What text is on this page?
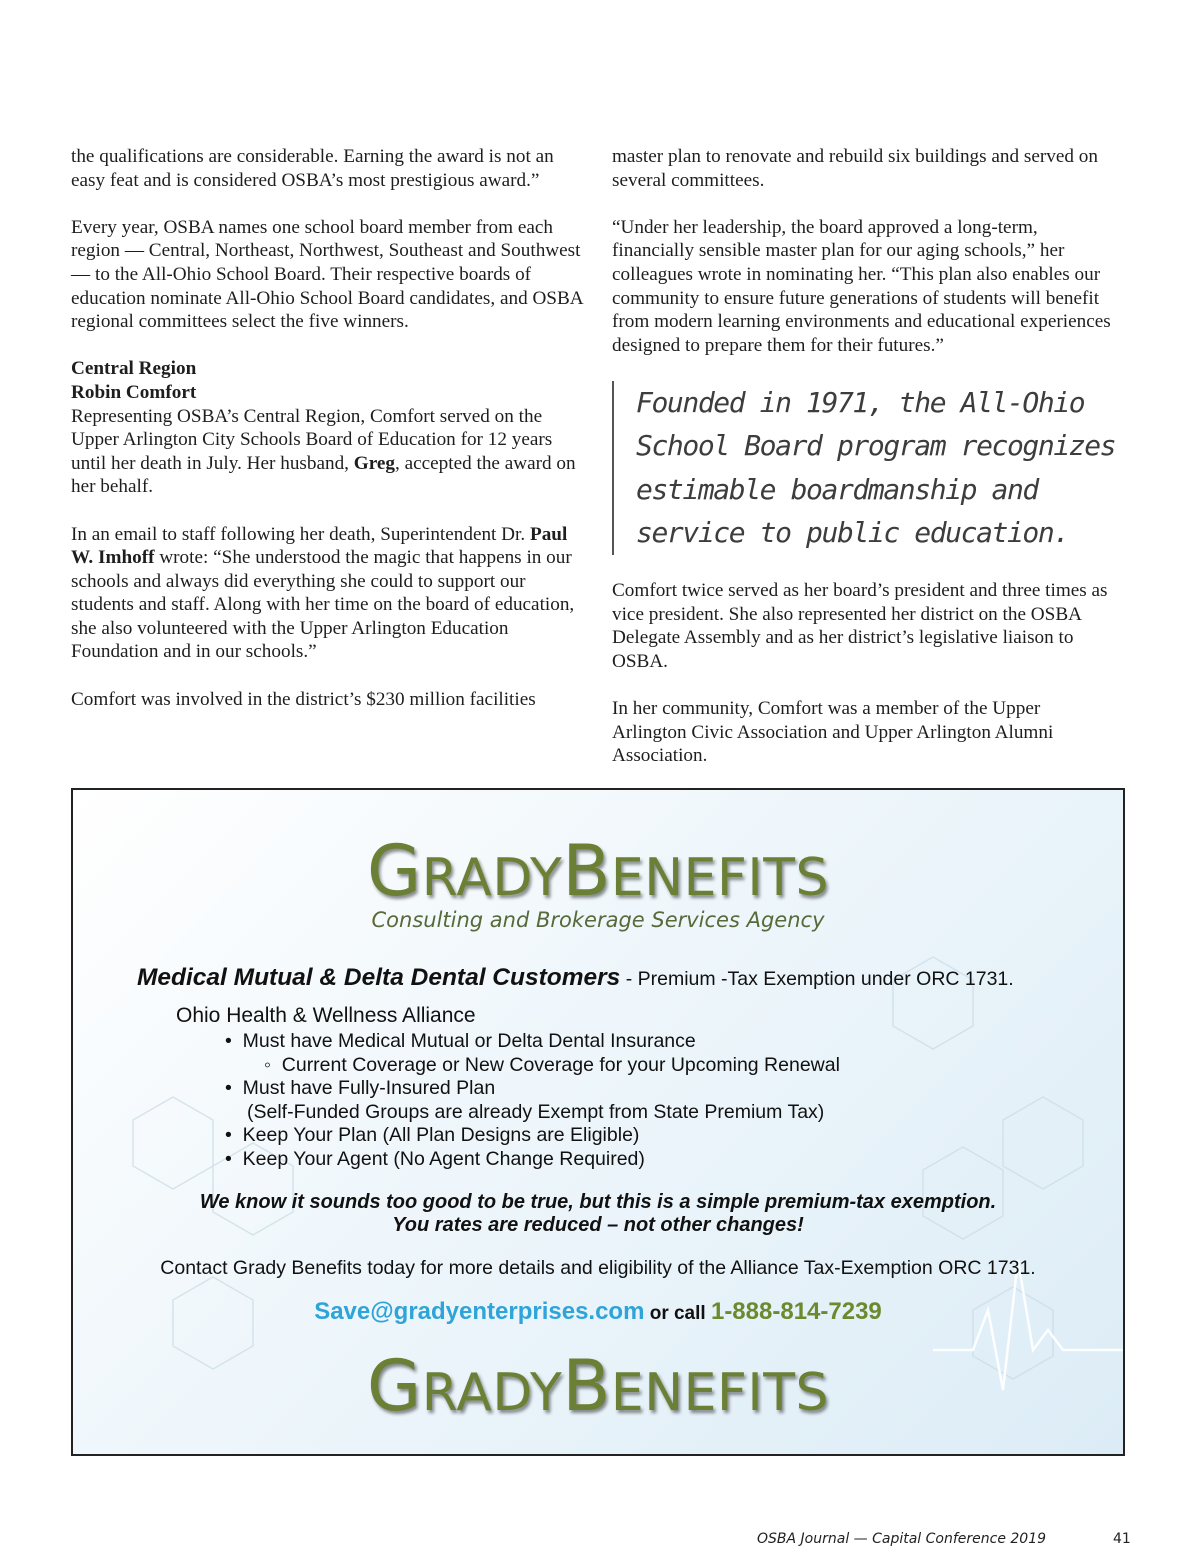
the qualifications are considerable. Earning the award is not an easy feat and is considered OSBA’s most prestigious award.”

Every year, OSBA names one school board member from each region — Central, Northeast, Northwest, Southeast and Southwest — to the All-Ohio School Board. Their respective boards of education nominate All-Ohio School Board candidates, and OSBA regional committees select the five winners.

Central Region
Robin Comfort
Representing OSBA’s Central Region, Comfort served on the Upper Arlington City Schools Board of Education for 12 years until her death in July. Her husband, Greg, accepted the award on her behalf.

In an email to staff following her death, Superintendent Dr. Paul W. Imhoff wrote: “She understood the magic that happens in our schools and always did everything she could to support our students and staff. Along with her time on the board of education, she also volunteered with the Upper Arlington Education Foundation and in our schools.”

Comfort was involved in the district’s $230 million facilities

master plan to renovate and rebuild six buildings and served on several committees.

“Under her leadership, the board approved a long-term, financially sensible master plan for our aging schools,” her colleagues wrote in nominating her. “This plan also enables our community to ensure future generations of students will benefit from modern learning environments and educational experiences designed to prepare them for their futures.”

Founded in 1971, the All-Ohio School Board program recognizes estimable boardmanship and service to public education.

Comfort twice served as her board’s president and three times as vice president. She also represented her district on the OSBA Delegate Assembly and as her district’s legislative liaison to OSBA.

In her community, Comfort was a member of the Upper Arlington Civic Association and Upper Arlington Alumni Association.

GRADYBENEFITS
Consulting and Brokerage Services Agency
Medical Mutual & Delta Dental Customers - Premium -Tax Exemption under ORC 1731.
Ohio Health & Wellness Alliance
• Must have Medical Mutual or Delta Dental Insurance
◦ Current Coverage or New Coverage for your Upcoming Renewal
• Must have Fully-Insured Plan
(Self-Funded Groups are already Exempt from State Premium Tax)
• Keep Your Plan (All Plan Designs are Eligible)
• Keep Your Agent (No Agent Change Required)
We know it sounds too good to be true, but this is a simple premium-tax exemption.
You rates are reduced – not other changes!
Contact Grady Benefits today for more details and eligibility of the Alliance Tax-Exemption ORC 1731.
Save@gradyenterprises.com or call 1-888-814-7239
GRADYBENEFITS
OSBA Journal — Capital Conference 2019	41
